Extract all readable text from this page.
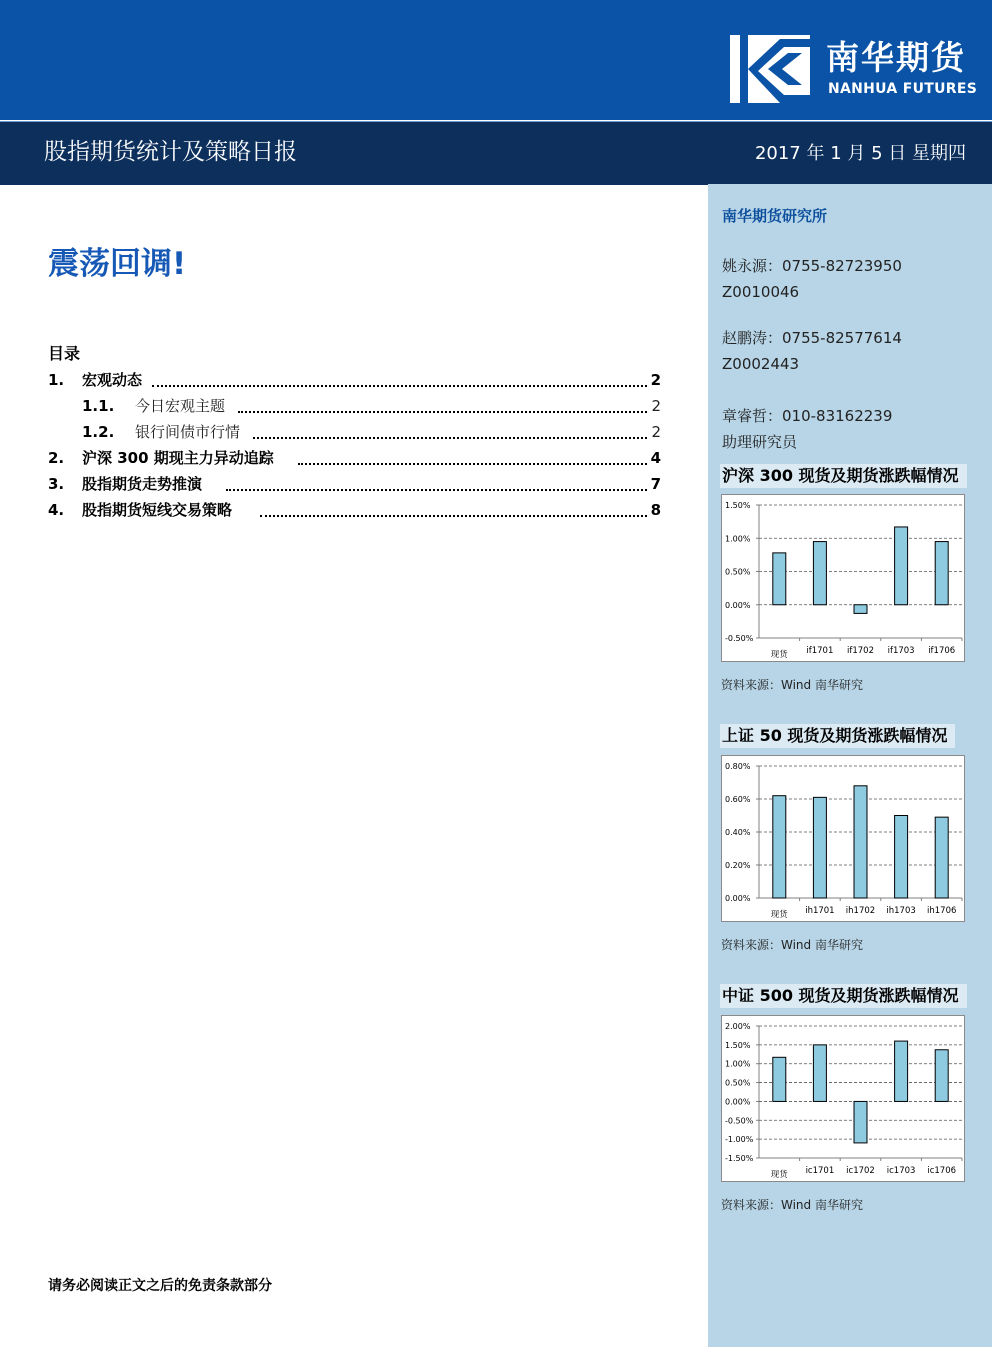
南华期货
NANHUA FUTURES
股指期货统计及策略日报	2017 年 1 月 5 日 星期四
南华期货研究所
姚永源：0755-82723950
Z0010046
赵鹏涛：0755-82577614
Z0002443
章睿哲：010-83162239
助理研究员
沪深 300 现货及期货涨跌幅情况
1.50%
1.00%
0.50%
0.00%
-0.50%
现货 if1701 if1702 if1703 if1706
资料来源：Wind 南华研究
上证 50 现货及期货涨跌幅情况
0.80%
0.60%
0.40%
0.20%
0.00%
现货 ih1701 ih1702 ih1703 ih1706
资料来源：Wind 南华研究
中证 500 现货及期货涨跌幅情况
2.00%
1.50%
1.00%
0.50%
0.00%
-0.50%
-1.00%
-1.50%
现货 ic1701 ic1702 ic1703 ic1706
资料来源：Wind 南华研究
震荡回调!
目录
1. 宏观动态	2
1.1. 今日宏观主题	2
1.2. 银行间债市行情	2
2. 沪深 300 期现主力异动追踪	4
3. 股指期货走势推演	7
4. 股指期货短线交易策略	8
请务必阅读正文之后的免责条款部分
